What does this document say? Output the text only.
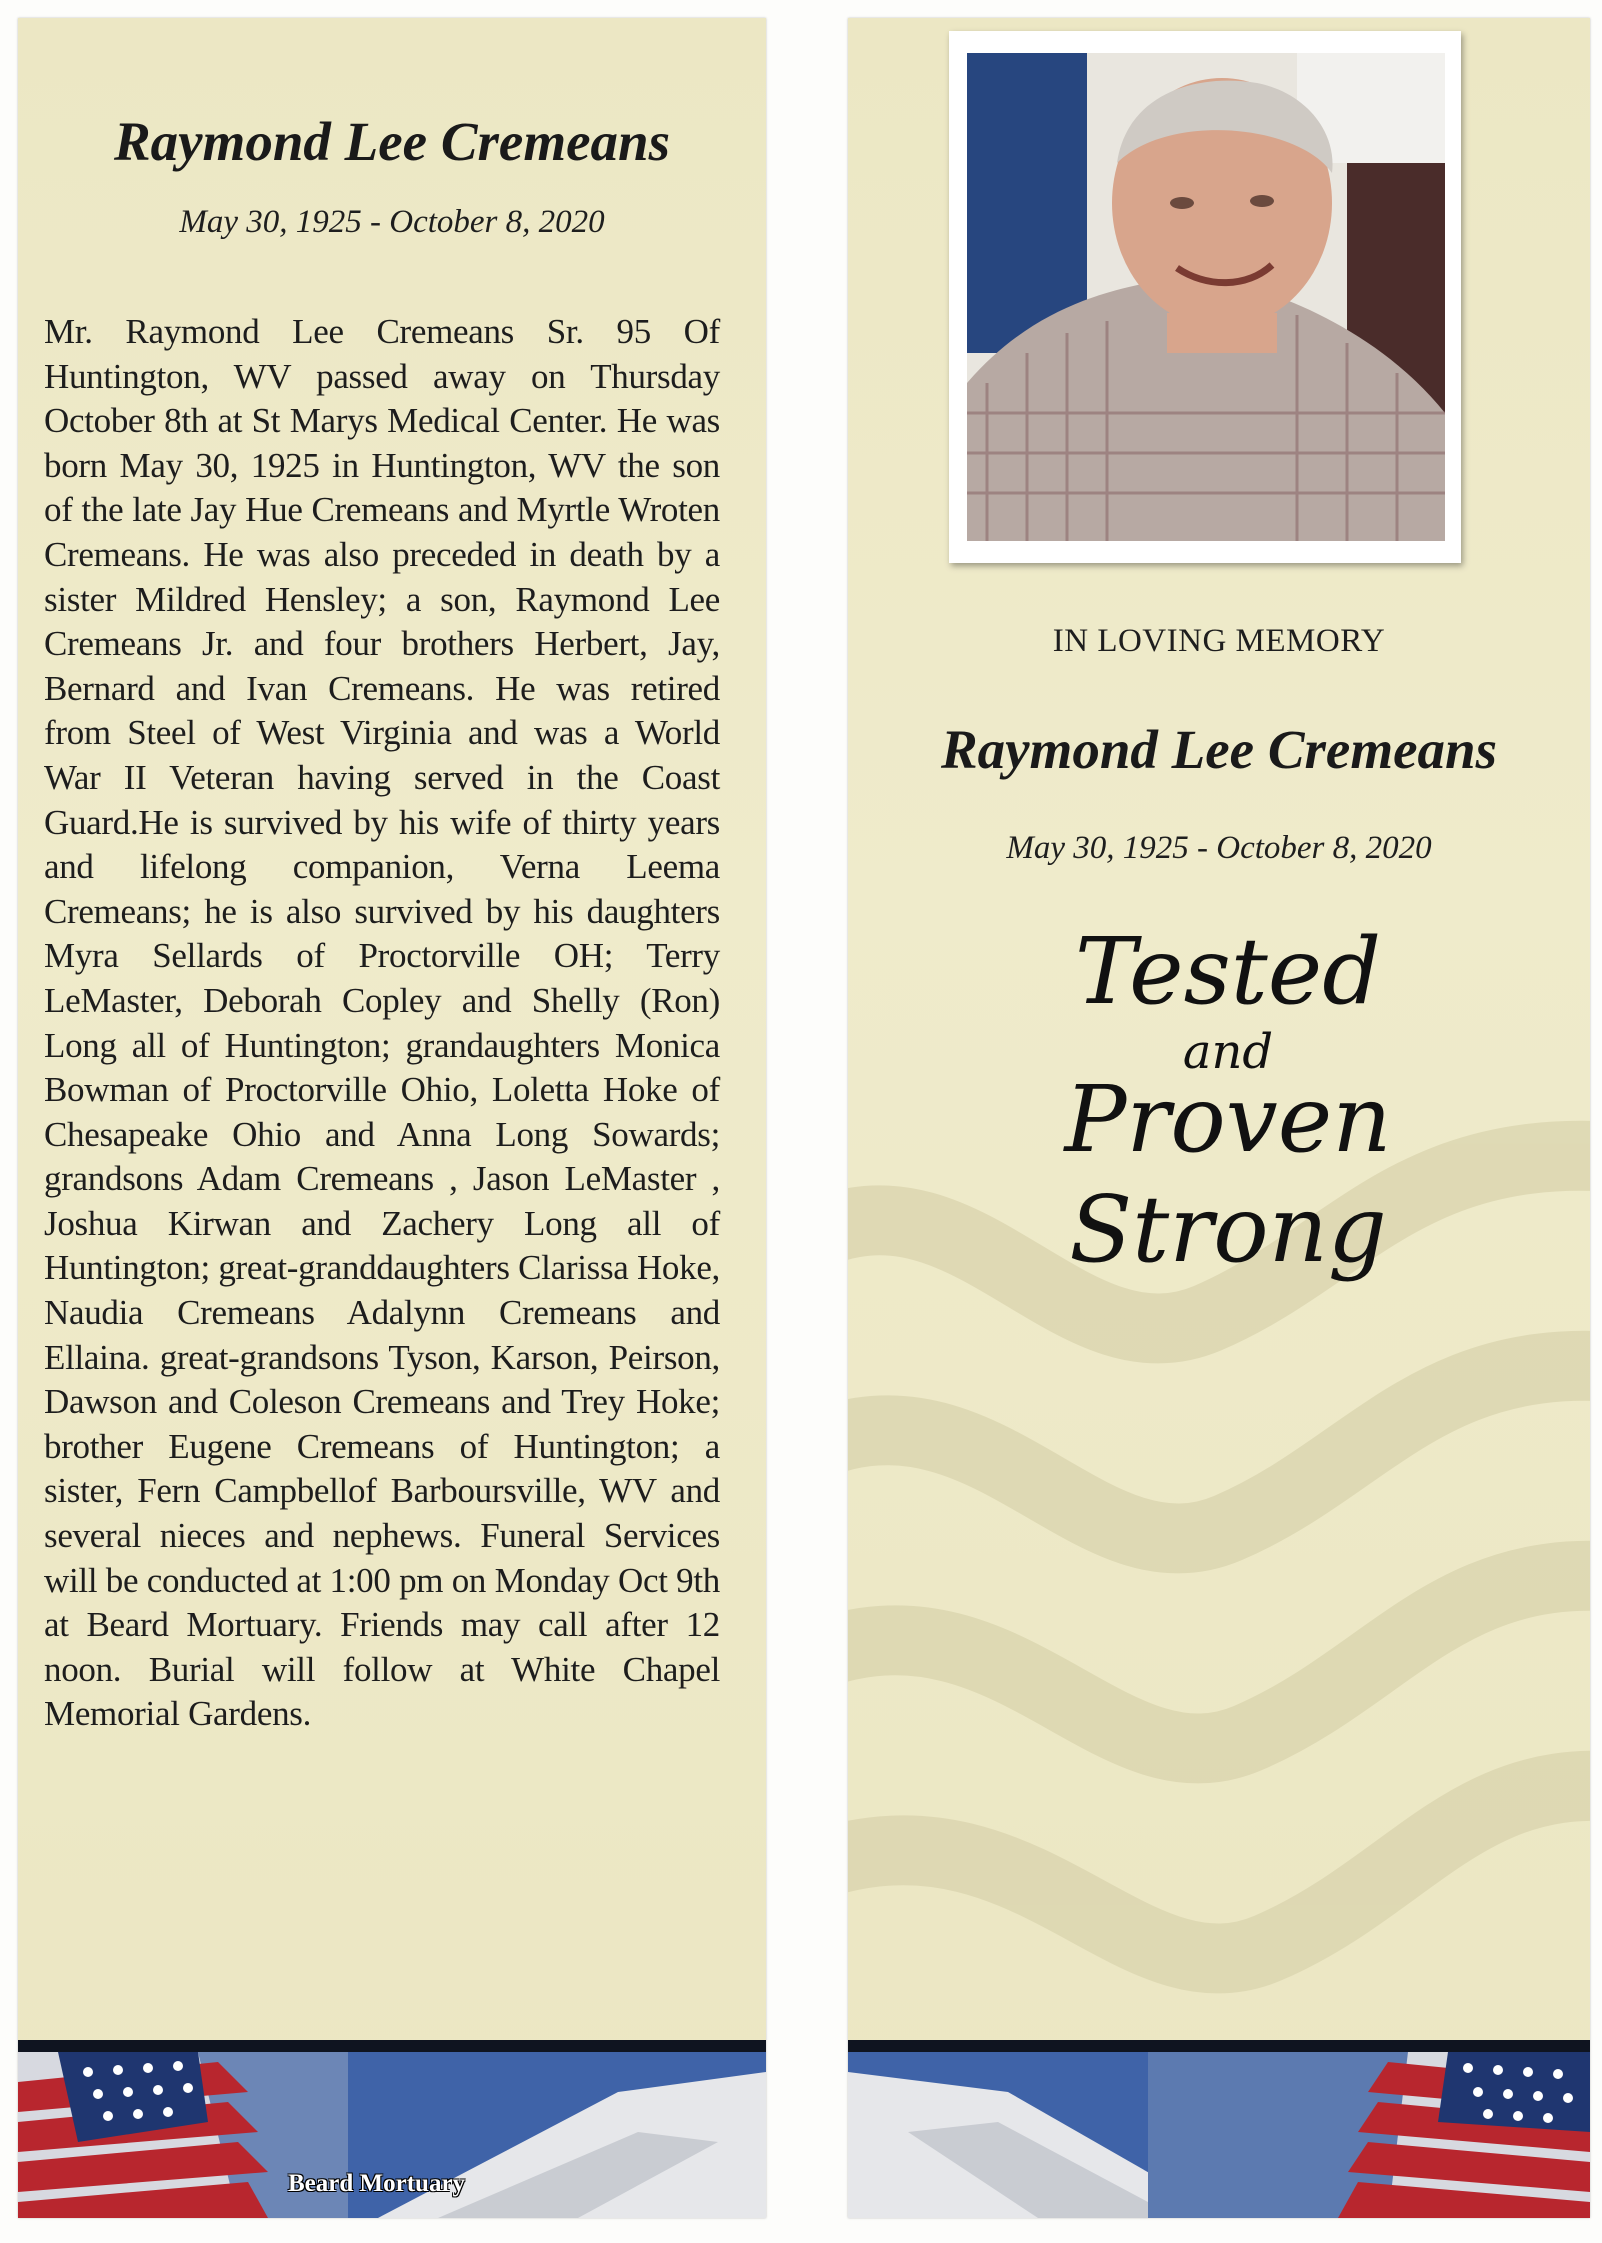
Raymond Lee Cremeans
May 30, 1925 - October 8, 2020

Mr. Raymond Lee Cremeans Sr. 95 Of Huntington, WV passed away on Thursday October 8th at St Marys Medical Center. He was born May 30, 1925 in Huntington, WV the son of the late Jay Hue Cremeans and Myrtle Wroten Cremeans. He was also preceded in death by a sister Mildred Hensley; a son, Raymond Lee Cremeans Jr. and four brothers Herbert, Jay, Bernard and Ivan Cremeans. He was retired from Steel of West Virginia and was a World War II Veteran having served in the Coast Guard.He is survived by his wife of thirty years and lifelong companion, Verna Leema Cremeans; he is also survived by his daughters Myra Sellards of Proctorville OH; Terry LeMaster, Deborah Copley and Shelly (Ron) Long all of Huntington; grandaughters Monica Bowman of Proctorville Ohio, Loletta Hoke of Chesapeake Ohio and Anna Long Sowards; grandsons Adam Cremeans , Jason LeMaster , Joshua Kirwan and Zachery Long all of Huntington; great-granddaughters Clarissa Hoke, Naudia Cremeans Adalynn Cremeans and Ellaina. great-grandsons Tyson, Karson, Peirson, Dawson and Coleson Cremeans and Trey Hoke; brother Eugene Cremeans of Huntington; a sister, Fern Campbellof Barboursville, WV and several nieces and nephews. Funeral Services will be conducted at 1:00 pm on Monday Oct 9th at Beard Mortuary. Friends may call after 12 noon. Burial will follow at White Chapel Memorial Gardens.

Beard Mortuary
IN LOVING MEMORY
Raymond Lee Cremeans
May 30, 1925 - October 8, 2020
Tested
and
Proven
Strong
